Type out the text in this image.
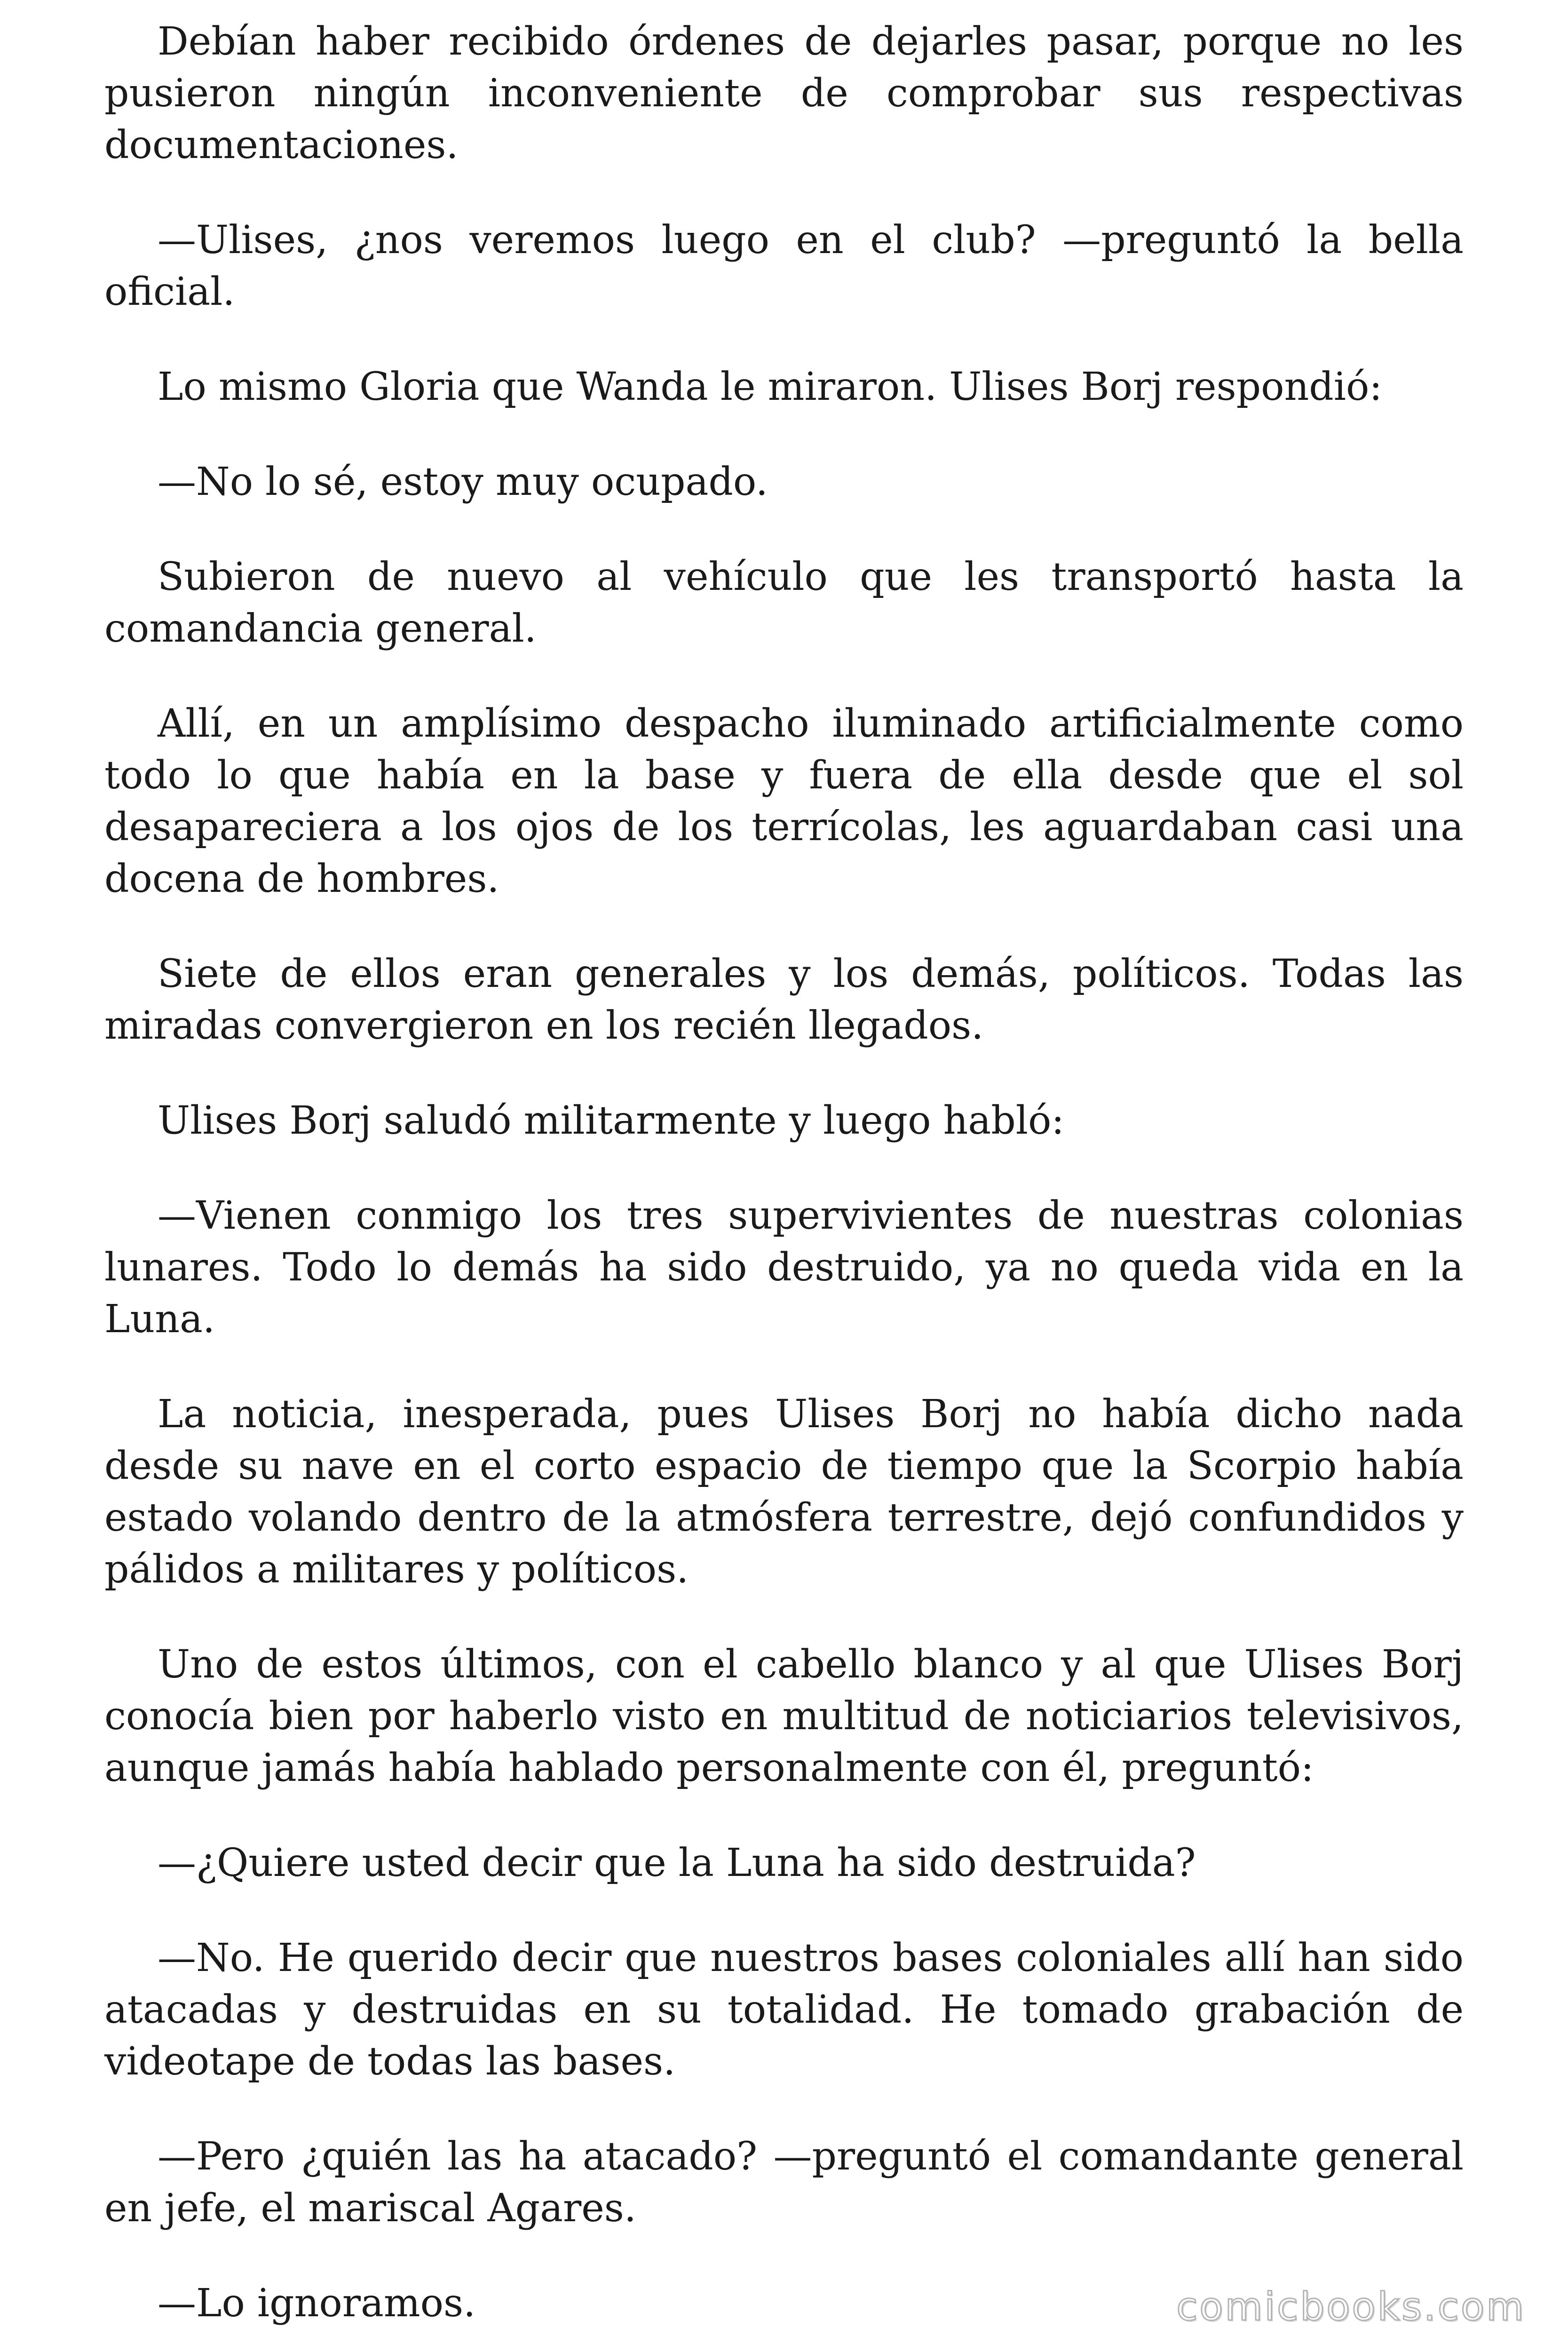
Debían haber recibido órdenes de dejarles pasar, porque no les pusieron ningún inconveniente de comprobar sus respectivas documentaciones.

—Ulises, ¿nos veremos luego en el club? —preguntó la bella oficial.

Lo mismo Gloria que Wanda le miraron. Ulises Borj respondió:

—No lo sé, estoy muy ocupado.

Subieron de nuevo al vehículo que les transportó hasta la comandancia general.

Allí, en un amplísimo despacho iluminado artificialmente como todo lo que había en la base y fuera de ella desde que el sol desapareciera a los ojos de los terrícolas, les aguardaban casi una docena de hombres.

Siete de ellos eran generales y los demás, políticos. Todas las miradas convergieron en los recién llegados.

Ulises Borj saludó militarmente y luego habló:

—Vienen conmigo los tres supervivientes de nuestras colonias lunares. Todo lo demás ha sido destruido, ya no queda vida en la Luna.

La noticia, inesperada, pues Ulises Borj no había dicho nada desde su nave en el corto espacio de tiempo que la Scorpio había estado volando dentro de la atmósfera terrestre, dejó confundidos y pálidos a militares y políticos.

Uno de estos últimos, con el cabello blanco y al que Ulises Borj conocía bien por haberlo visto en multitud de noticiarios televisivos, aunque jamás había hablado personalmente con él, preguntó:

—¿Quiere usted decir que la Luna ha sido destruida?

—No. He querido decir que nuestros bases coloniales allí han sido atacadas y destruidas en su totalidad. He tomado grabación de videotape de todas las bases.

—Pero ¿quién las ha atacado? —preguntó el comandante general en jefe, el mariscal Agares.

—Lo ignoramos.	comicbooks.com
